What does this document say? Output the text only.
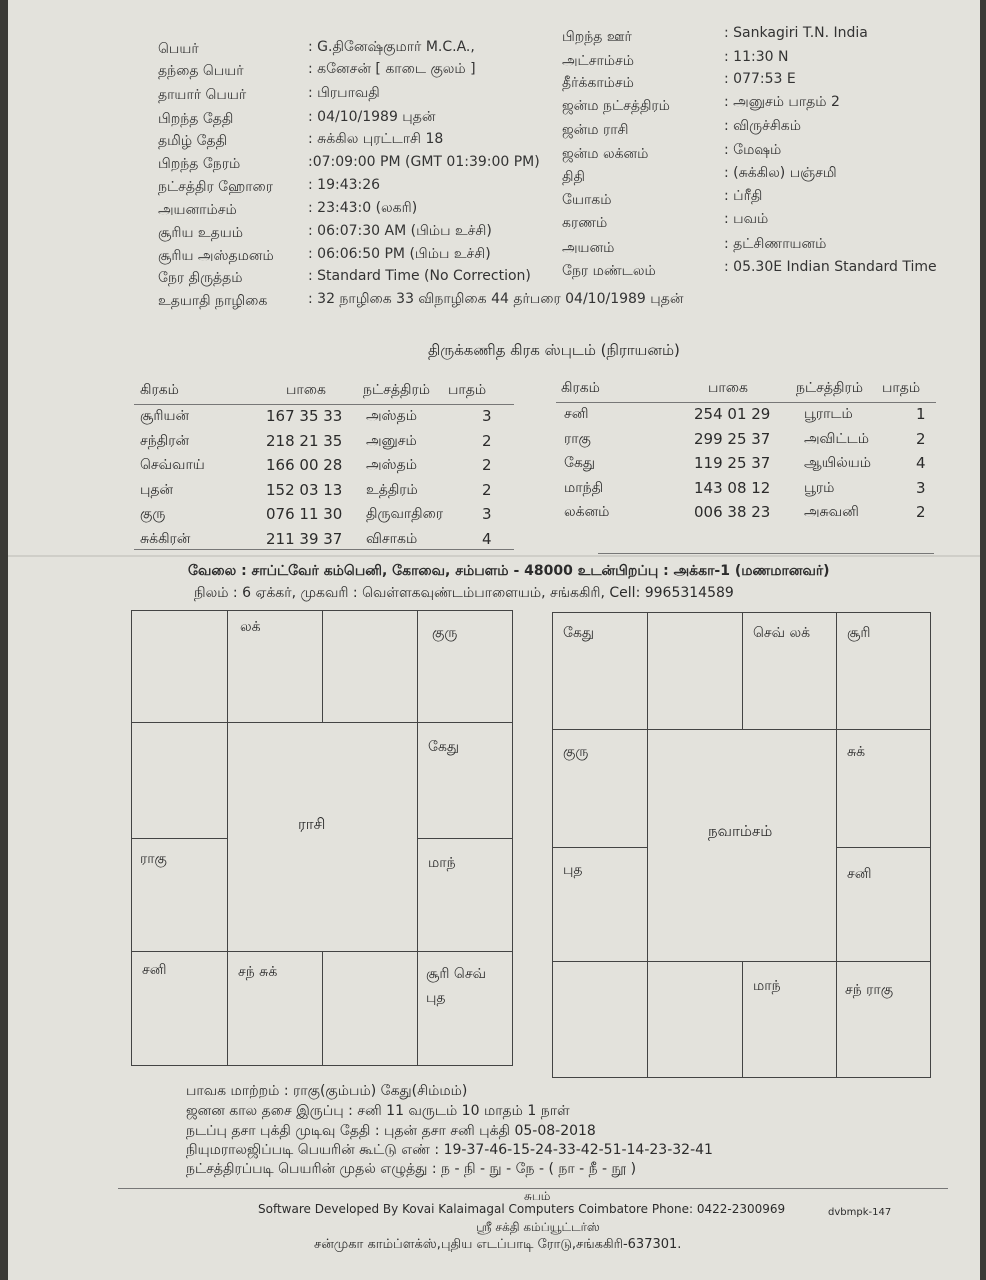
பெயர்	: G.தினேஷ்குமார் M.C.A.,
தந்தை பெயர்	: கனேசன் [ காடை குலம் ]
தாயார் பெயர்	: பிரபாவதி
பிறந்த தேதி	: 04/10/1989 புதன்
தமிழ் தேதி	: சுக்கில புரட்டாசி 18
பிறந்த நேரம்	:07:09:00 PM (GMT 01:39:00 PM)
நட்சத்திர ஹோரை : 19:43:26
அயனாம்சம்	: 23:43:0 (லகரி)
சூரிய உதயம்	: 06:07:30 AM (பிம்ப உச்சி)
சூரிய அஸ்தமனம் : 06:06:50 PM (பிம்ப உச்சி)
நேர திருத்தம்	: Standard Time (No Correction)
உதயாதி நாழிகை	: 32 நாழிகை 33 விநாழிகை 44 தர்பரை 04/10/1989 புதன்
பிறந்த ஊர்	: Sankagiri T.N. India
அட்சாம்சம்	: 11:30 N
தீர்க்காம்சம்	: 077:53 E
ஜன்ம நட்சத்திரம்	: அனுசம் பாதம் 2
ஜன்ம ராசி	: விருச்சிகம்
ஜன்ம லக்னம்	: மேஷம்
திதி	: (சுக்கில) பஞ்சமி
யோகம்	: ப்ரீதி
கரணம்	: பவம்
அயனம்	: தட்சிணாயனம்
நேர மண்டலம்	: 05.30E Indian Standard Time
திருக்கணித கிரக ஸ்புடம் (நிராயனம்)
கிரகம்	பாகை	நட்சத்திரம் பாதம்	கிரகம்	பாகை	நட்சத்திரம் பாதம்
சூரியன்	167 35 33 அஸ்தம்	3
சந்திரன்	218 21 35 அனுசம்	2
செவ்வாய்	166 00 28 அஸ்தம்	2
புதன்	152 03 13 உத்திரம்	2
குரு	076 11 30 திருவாதிரை	3
சுக்கிரன்	211 39 37 விசாகம்	4
சனி	254 01 29 பூராடம்	1
ராகு	299 25 37 அவிட்டம்	2
கேது	119 25 37 ஆயில்யம்	4
மாந்தி	143 08 12 பூரம்	3
லக்னம்	006 38 23 அசுவனி	2
வேலை : சாப்ட்வேர் கம்பெனி, கோவை, சம்பளம் - 48000 உடன்பிறப்பு : அக்கா-1 (மணமானவர்)
நிலம் : 6 ஏக்கர், முகவரி : வெள்ளகவுண்டம்பாளையம், சங்ககிரி, Cell: 9965314589
லக்	குரு
கேது
ராகு	மாந்
ராசி
சனி	சந் சுக்	சூரி செவ்
புத
கேது	செவ் லக்	சூரி
குரு	சுக்
புத	சனி
நவாம்சம்
மாந்	சந் ராகு
பாவக மாற்றம் : ராகு(கும்பம்) கேது(சிம்மம்)
ஜனன கால தசை இருப்பு : சனி 11 வருடம் 10 மாதம் 1 நாள்
நடப்பு தசா புக்தி முடிவு தேதி : புதன் தசா சனி புக்தி 05-08-2018
நியுமராலஜிப்படி பெயரின் கூட்டு எண் : 19-37-46-15-24-33-42-51-14-23-32-41
நட்சத்திரப்படி பெயரின் முதல் எழுத்து : ந - நி - நு - நே - ( நா - நீ - நூ )
சுபம்
Software Developed By Kovai Kalaimagal Computers Coimbatore Phone: 0422-2300969	dvbmpk-147
ஸ்ரீ சக்தி கம்ப்யூட்டர்ஸ்
சன்முகா காம்ப்ளக்ஸ்,புதிய எடப்பாடி ரோடு,சங்ககிரி-637301.
